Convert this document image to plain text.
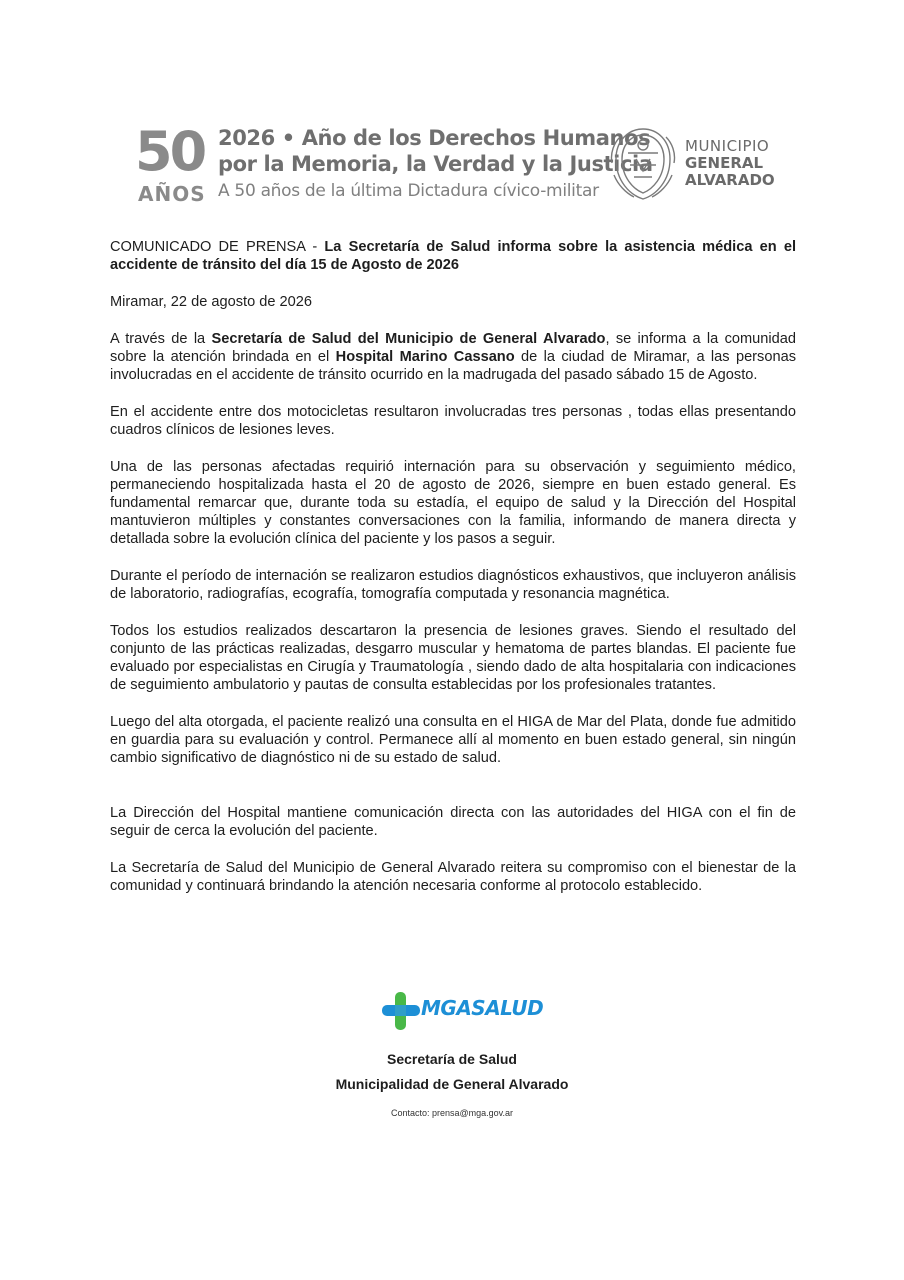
50
AÑOS
2026 • Año de los Derechos Humanos
por la Memoria, la Verdad y la Justicia
A 50 años de la última Dictadura cívico-militar
MUNICIPIO
GENERAL
ALVARADO

COMUNICADO DE PRENSA - La Secretaría de Salud informa sobre la asistencia médica en el accidente de tránsito del día 15 de Agosto de 2026

Miramar, 22 de agosto de 2026

A través de la Secretaría de Salud del Municipio de General Alvarado, se informa a la comunidad sobre la atención brindada en el Hospital Marino Cassano de la ciudad de Miramar, a las personas involucradas en el accidente de tránsito ocurrido en la madrugada del pasado sábado 15 de Agosto.

En el accidente entre dos motocicletas resultaron involucradas tres personas , todas ellas presentando cuadros clínicos de lesiones leves.

Una de las personas afectadas requirió internación para su observación y seguimiento médico, permaneciendo hospitalizada hasta el 20 de agosto de 2026, siempre en buen estado general. Es fundamental remarcar que, durante toda su estadía, el equipo de salud y la Dirección del Hospital mantuvieron múltiples y constantes conversaciones con la familia, informando de manera directa y detallada sobre la evolución clínica del paciente y los pasos a seguir.

Durante el período de internación se realizaron estudios diagnósticos exhaustivos, que incluyeron análisis de laboratorio, radiografías, ecografía, tomografía computada y resonancia magnética.

Todos los estudios realizados descartaron la presencia de lesiones graves. Siendo el resultado del conjunto de las prácticas realizadas, desgarro muscular y hematoma de partes blandas. El paciente fue evaluado por especialistas en Cirugía y Traumatología , siendo dado de alta hospitalaria con indicaciones de seguimiento ambulatorio y pautas de consulta establecidas por los profesionales tratantes.

Luego del alta otorgada, el paciente realizó una consulta en el HIGA de Mar del Plata, donde fue admitido en guardia para su evaluación y control. Permanece allí al momento en buen estado general, sin ningún cambio significativo de diagnóstico ni de su estado de salud.

La Dirección del Hospital mantiene comunicación directa con las autoridades del HIGA con el fin de seguir de cerca la evolución del paciente.

La Secretaría de Salud del Municipio de General Alvarado reitera su compromiso con el bienestar de la comunidad y continuará brindando la atención necesaria conforme al protocolo establecido.

MGASALUD
Secretaría de Salud
Municipalidad de General Alvarado
Contacto: prensa@mga.gov.ar
